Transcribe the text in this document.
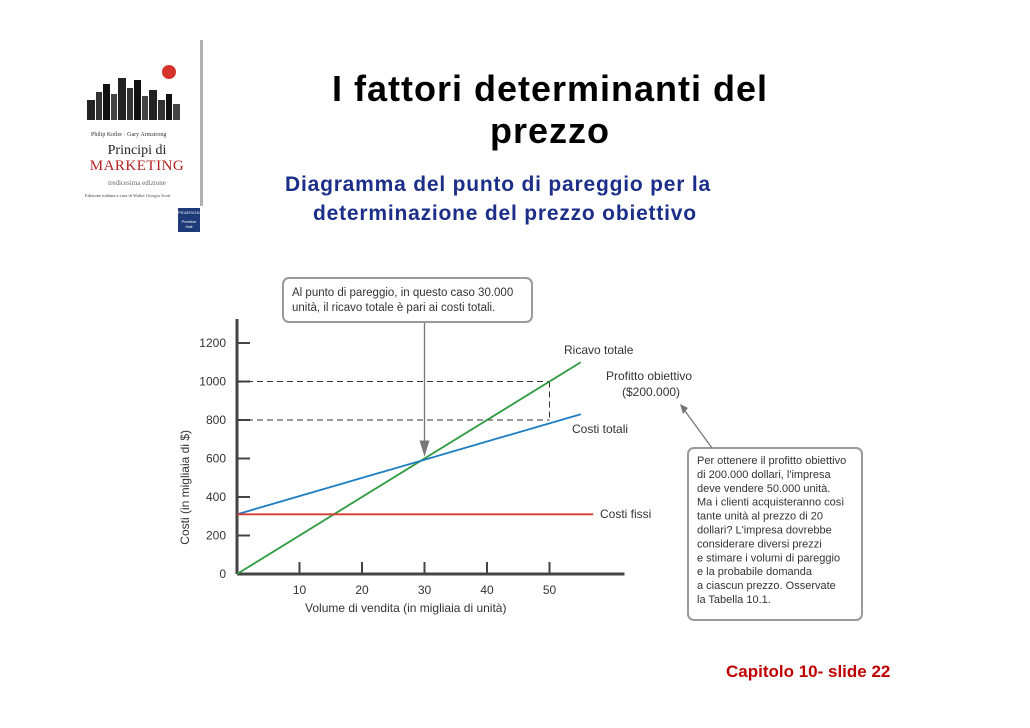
Philip Kotler · Gary Armstrong
Principi di
MARKETING
tredicesima edizione
Edizione italiana a cura di Walter Giorgio Scott
PEARSON
Prentice Hall
I fattori determinanti del prezzo
Diagramma del punto di pareggio per la
determinazione del prezzo obiettivo
0
200
400
600
800
1000
1200
10	20	30	40	50
Volume di vendita (in migliaia di unità)
Costi (in migliaia di $)
Ricavo totale
Costi totali
Costi fissi
Profitto obiettivo
($200.000)
Al punto di pareggio, in questo caso 30.000
unità, il ricavo totale è pari ai costi totali.
Per ottenere il profitto obiettivo
di 200.000 dollari, l'impresa
deve vendere 50.000 unità.
Ma i clienti acquisteranno così
tante unità al prezzo di 20
dollari? L'impresa dovrebbe
considerare diversi prezzi
e stimare i volumi di pareggio
e la probabile domanda
a ciascun prezzo. Osservate
la Tabella 10.1.
Capitolo 10- slide 22
